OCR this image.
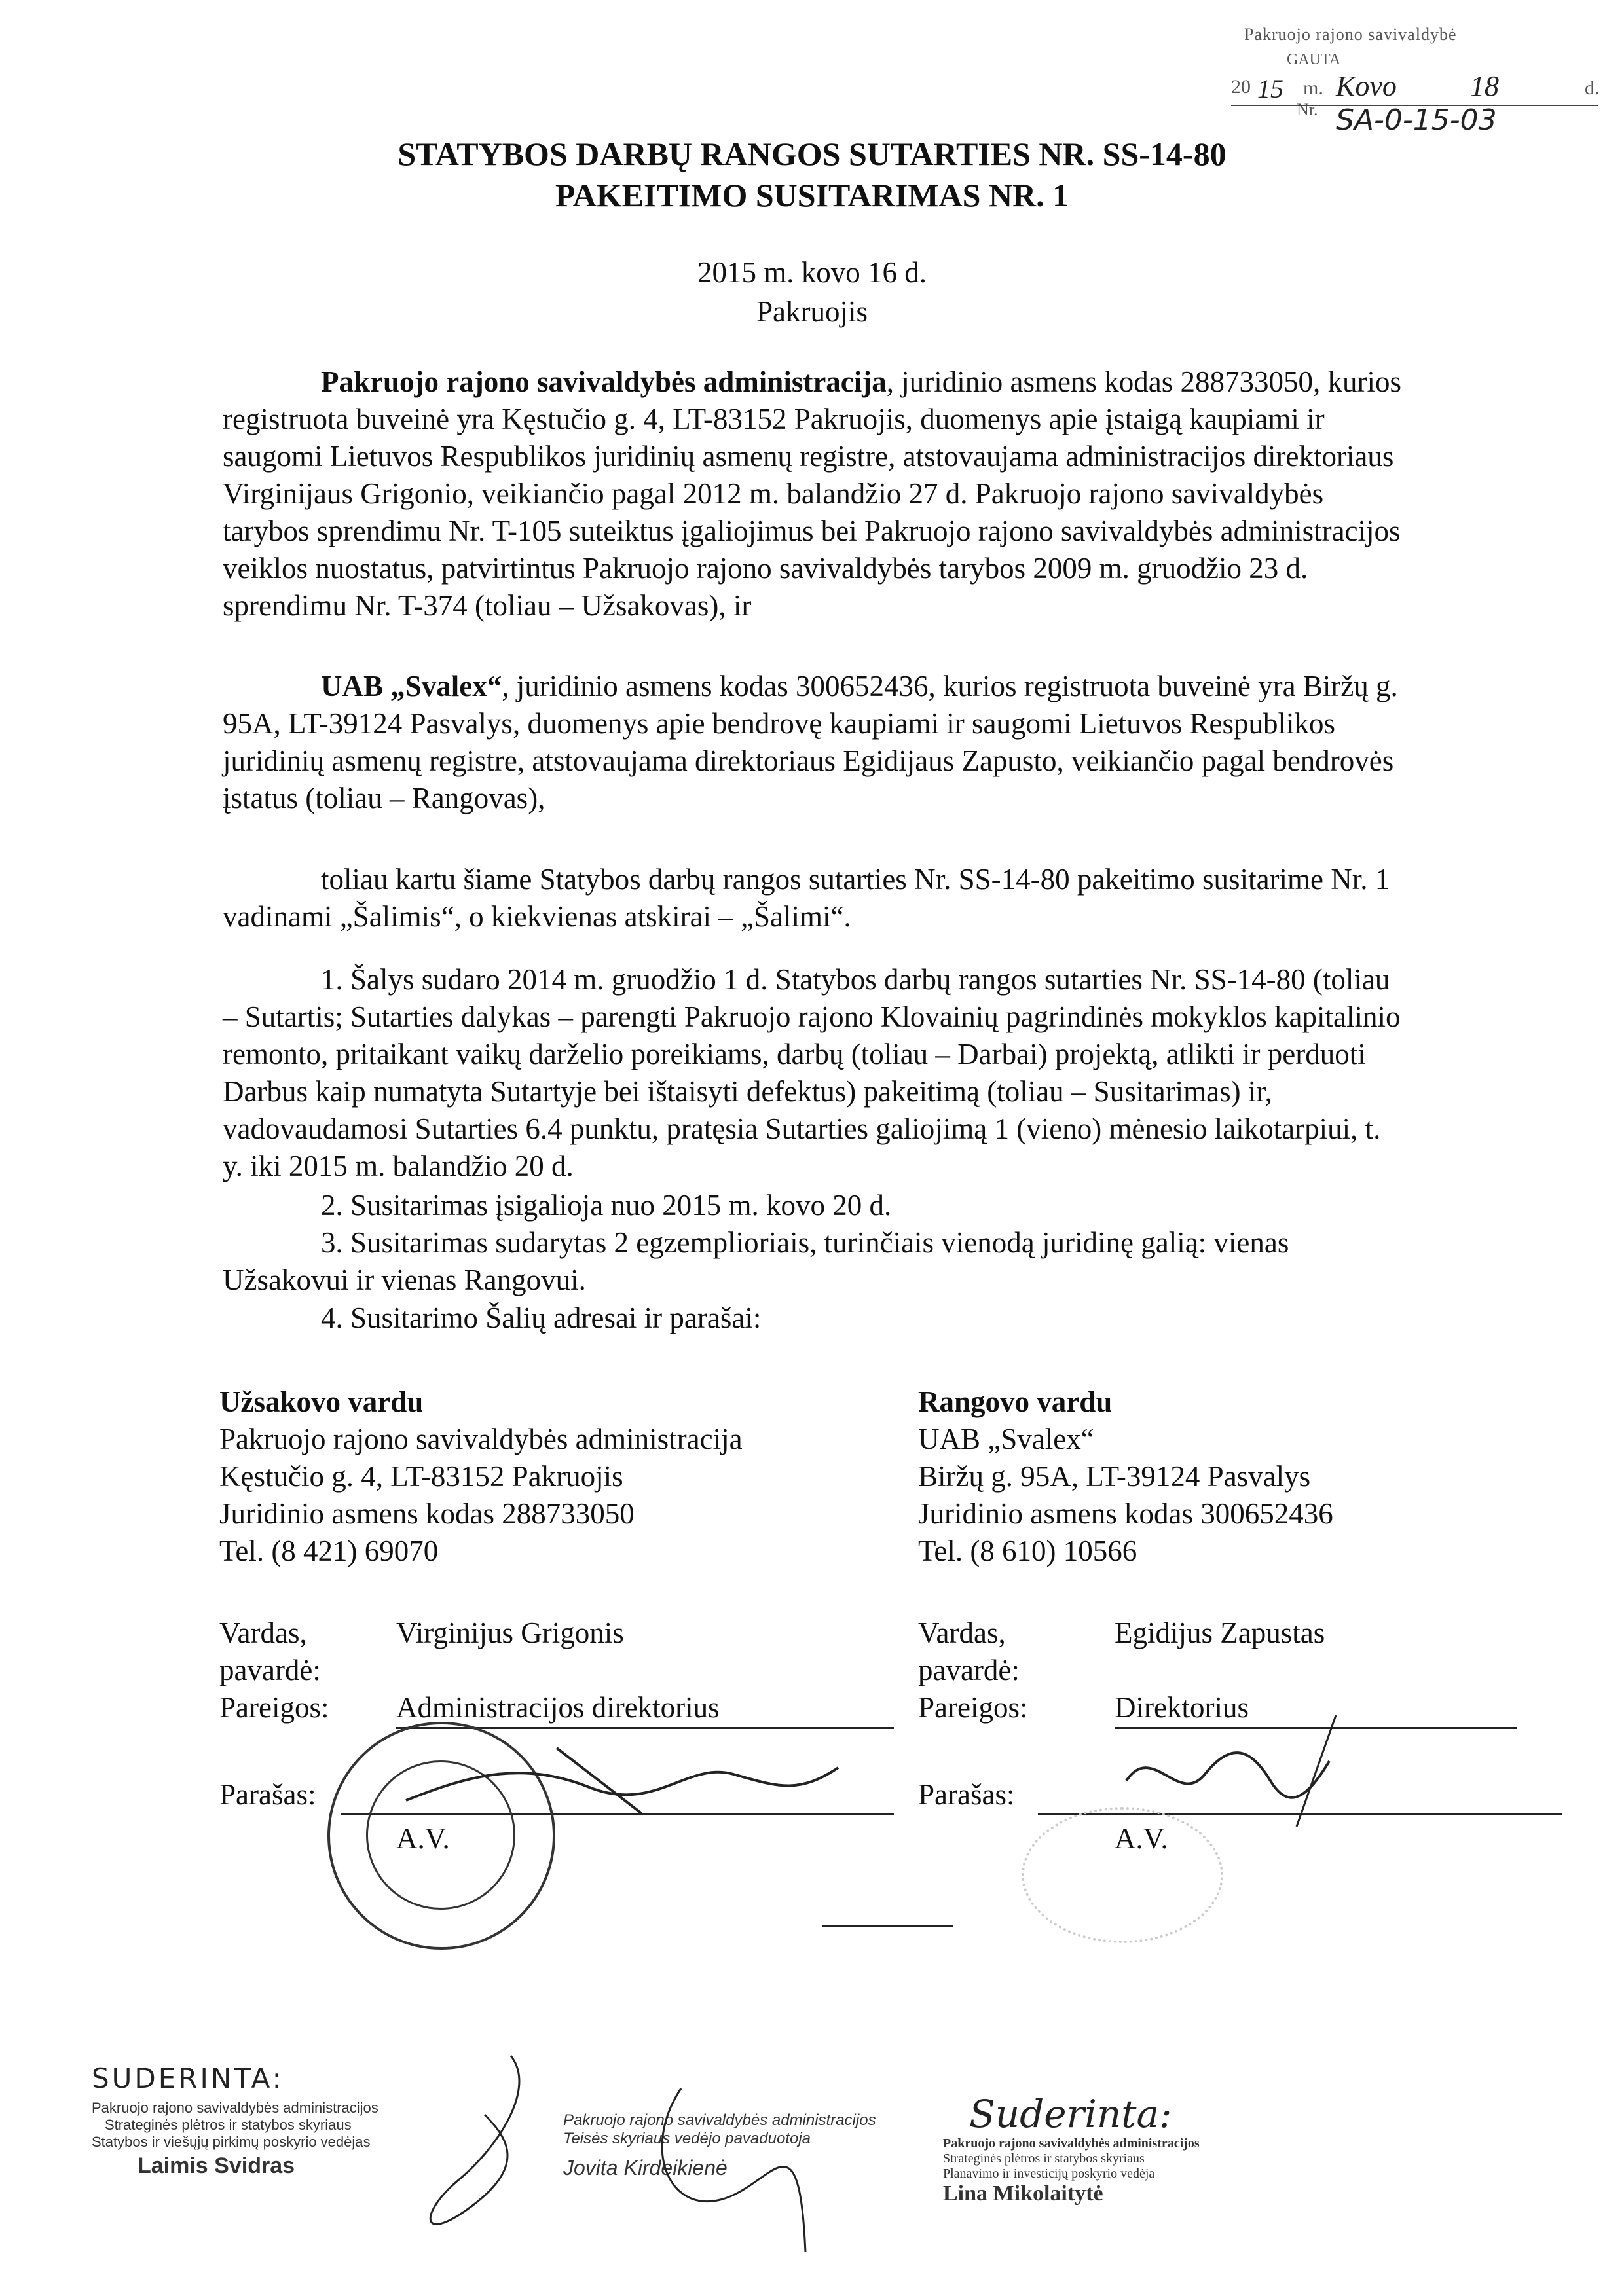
Pakruojo rajono savivaldybė
GAUTA
20 15 m. Kovo	18	d.
Nr. SA-0-15-03
STATYBOS DARBŲ RANGOS SUTARTIES NR. SS-14-80
PAKEITIMO SUSITARIMAS NR. 1
2015 m. kovo 16 d.
Pakruojis
Pakruojo rajono savivaldybės administracija, juridinio asmens kodas 288733050, kurios
registruota buveinė yra Kęstučio g. 4, LT-83152 Pakruojis, duomenys apie įstaigą kaupiami ir
saugomi Lietuvos Respublikos juridinių asmenų registre, atstovaujama administracijos direktoriaus
Virginijaus Grigonio, veikiančio pagal 2012 m. balandžio 27 d. Pakruojo rajono savivaldybės
tarybos sprendimu Nr. T-105 suteiktus įgaliojimus bei Pakruojo rajono savivaldybės administracijos
veiklos nuostatus, patvirtintus Pakruojo rajono savivaldybės tarybos 2009 m. gruodžio 23 d.
sprendimu Nr. T-374 (toliau – Užsakovas), ir
UAB „Svalex“, juridinio asmens kodas 300652436, kurios registruota buveinė yra Biržų g.
95A, LT-39124 Pasvalys, duomenys apie bendrovę kaupiami ir saugomi Lietuvos Respublikos
juridinių asmenų registre, atstovaujama direktoriaus Egidijaus Zapusto, veikiančio pagal bendrovės
įstatus (toliau – Rangovas),
toliau kartu šiame Statybos darbų rangos sutarties Nr. SS-14-80 pakeitimo susitarime Nr. 1
vadinami „Šalimis“, o kiekvienas atskirai – „Šalimi“.
1. Šalys sudaro 2014 m. gruodžio 1 d. Statybos darbų rangos sutarties Nr. SS-14-80 (toliau
– Sutartis; Sutarties dalykas – parengti Pakruojo rajono Klovainių pagrindinės mokyklos kapitalinio
remonto, pritaikant vaikų darželio poreikiams, darbų (toliau – Darbai) projektą, atlikti ir perduoti
Darbus kaip numatyta Sutartyje bei ištaisyti defektus) pakeitimą (toliau – Susitarimas) ir,
vadovaudamosi Sutarties 6.4 punktu, pratęsia Sutarties galiojimą 1 (vieno) mėnesio laikotarpiui, t.
y. iki 2015 m. balandžio 20 d.
2. Susitarimas įsigalioja nuo 2015 m. kovo 20 d.
3. Susitarimas sudarytas 2 egzemplioriais, turinčiais vienodą juridinę galią: vienas
Užsakovui ir vienas Rangovui.
4. Susitarimo Šalių adresai ir parašai:
Užsakovo vardu
Pakruojo rajono savivaldybės administracija
Kęstučio g. 4, LT-83152 Pakruojis
Juridinio asmens kodas 288733050
Tel. (8 421) 69070
Rangovo vardu
UAB „Svalex“
Biržų g. 95A, LT-39124 Pasvalys
Juridinio asmens kodas 300652436
Tel. (8 610) 10566
Vardas,
pavardė:
Virginijus Grigonis
Pareigos: Administracijos direktorius
Parašas:
A.V.
Vardas,
pavardė:
Egidijus Zapustas
Pareigos:	Direktorius
Parašas:
A.V.
SUDERINTA:
Pakruojo rajono savivaldybės administracijos
Strateginės plėtros ir statybos skyriaus
Statybos ir viešųjų pirkimų poskyrio vedėjas
Laimis Svidras
Pakruojo rajono savivaldybės administracijos
Teisės skyriaus vedėjo pavaduotoja
Jovita Kirdeikienė
Suderinta:
Pakruojo rajono savivaldybės administracijos
Strateginės plėtros ir statybos skyriaus
Planavimo ir investicijų poskyrio vedėja
Lina Mikolaitytė
